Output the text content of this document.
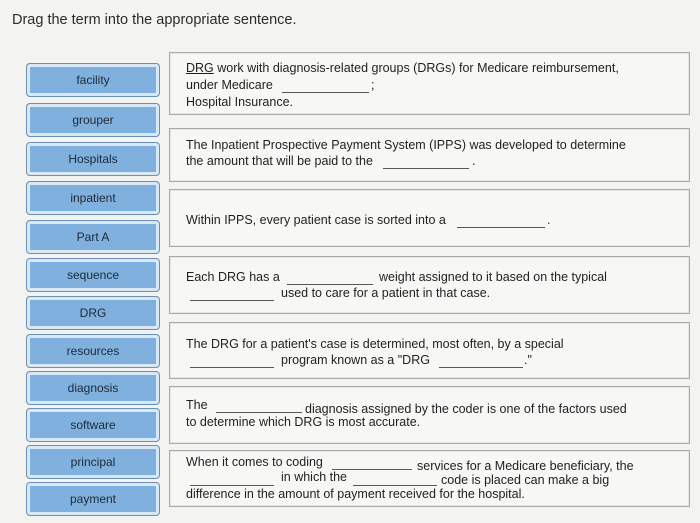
Drag the term into the appropriate sentence.
facility
grouper
Hospitals
inpatient
Part A
sequence
DRG
resources
diagnosis
software
principal
payment
DRG work with diagnosis-related groups (DRGs) for Medicare reimbursement,
under Medicare	;
Hospital Insurance.
The Inpatient Prospective Payment System (IPPS) was developed to determine
the amount that will be paid to the	.
Within IPPS, every patient case is sorted into a	.
Each DRG has a	weight assigned to it based on the typical
used to care for a patient in that case.
The DRG for a patient's case is determined, most often, by a special
program known as a "DRG	."
The	diagnosis assigned by the coder is one of the factors used
to determine which DRG is most accurate.
When it comes to coding	services for a Medicare beneficiary, the
in which the	code is placed can make a big
difference in the amount of payment received for the hospital.
